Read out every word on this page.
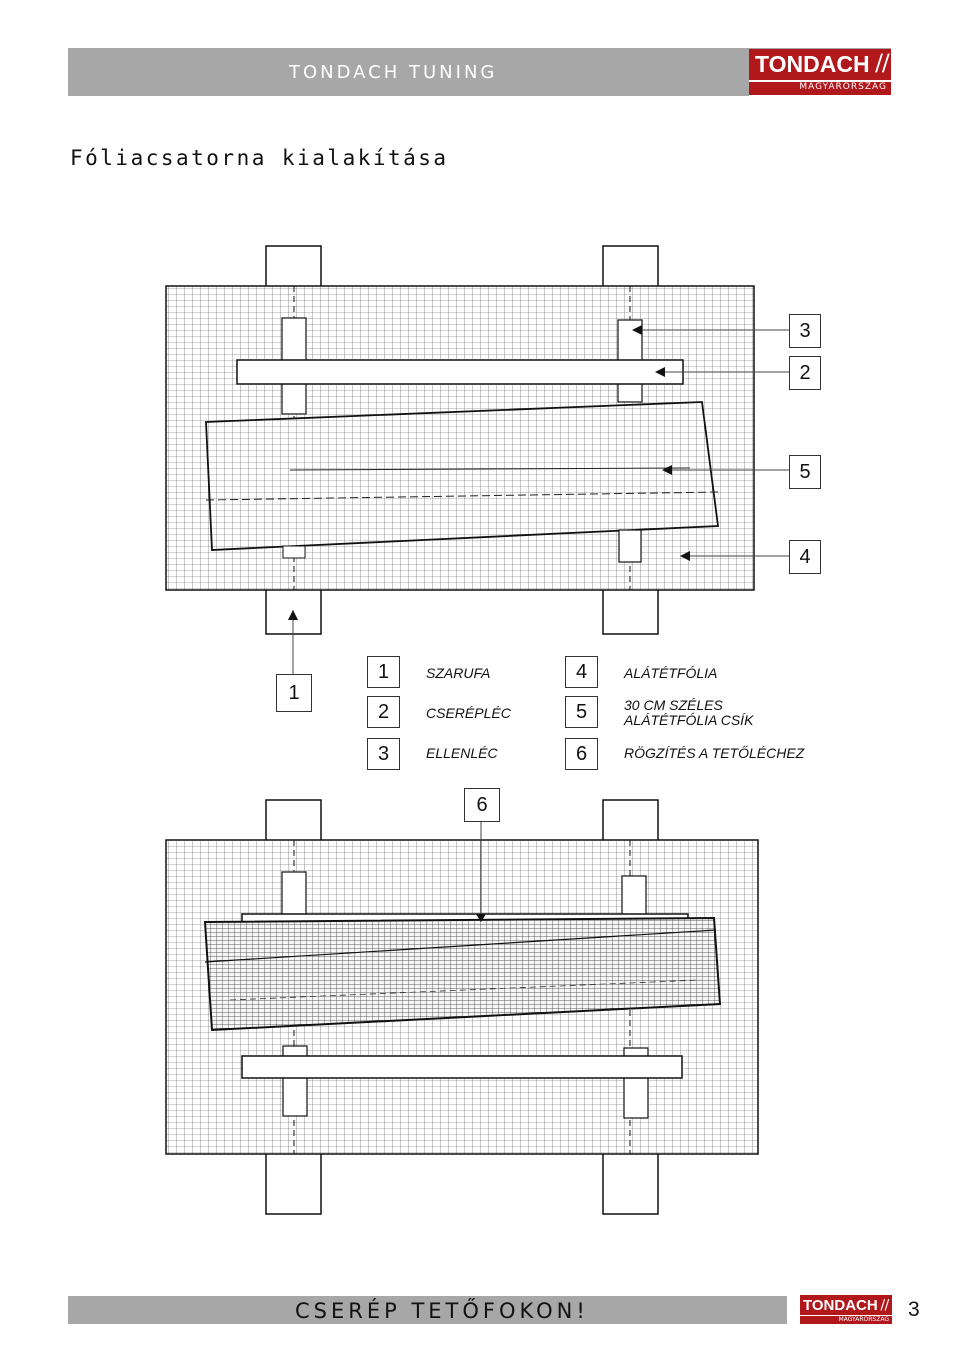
TONDACH TUNING	TONDACH ⧸⧸
MAGYARORSZÁG
Fóliacsatorna kialakítása
3
2
5
4
1
1	SZARUFA
2	CSERÉPLÉC
3	ELLENLÉC
4	ALÁTÉTFÓLIA
5	30 CM SZÉLES ALÁTÉTFÓLIA CSÍK
6	RÖGZÍTÉS A TETŐLÉCHEZ
6
CSERÉP TETŐFOKON!	TONDACH ⧸⧸
MAGYARORSZÁG 3
